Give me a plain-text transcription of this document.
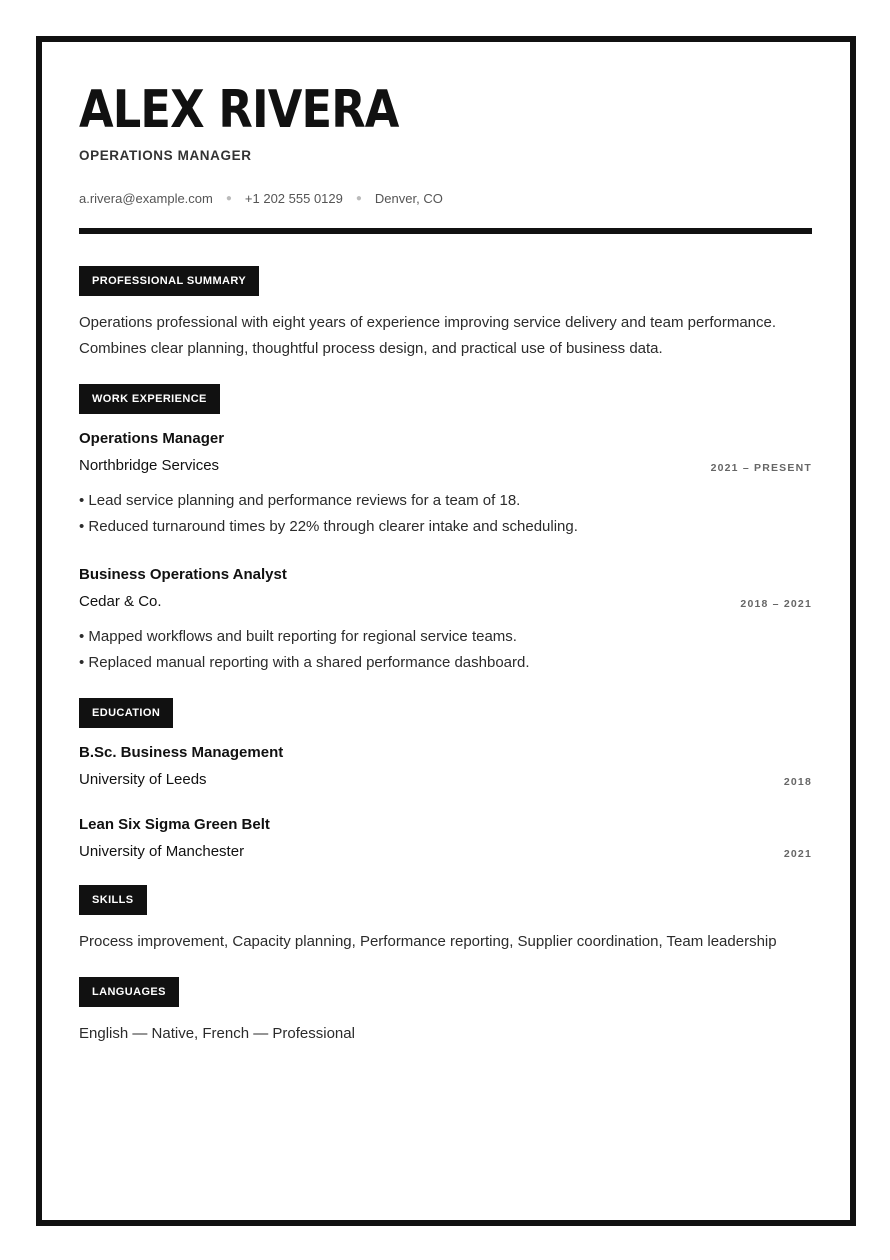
ALEX RIVERA
OPERATIONS MANAGER
a.rivera@example.com ● +1 202 555 0129 ● Denver, CO
PROFESSIONAL SUMMARY
Operations professional with eight years of experience improving service delivery and team performance.
Combines clear planning, thoughtful process design, and practical use of business data.
WORK EXPERIENCE
Operations Manager
Northbridge Services	2021 – PRESENT
• Lead service planning and performance reviews for a team of 18.
• Reduced turnaround times by 22% through clearer intake and scheduling.
Business Operations Analyst
Cedar & Co.	2018 – 2021
• Mapped workflows and built reporting for regional service teams.
• Replaced manual reporting with a shared performance dashboard.
EDUCATION
B.Sc. Business Management
University of Leeds	2018
Lean Six Sigma Green Belt
University of Manchester	2021
SKILLS
Process improvement, Capacity planning, Performance reporting, Supplier coordination, Team leadership
LANGUAGES
English — Native, French — Professional
